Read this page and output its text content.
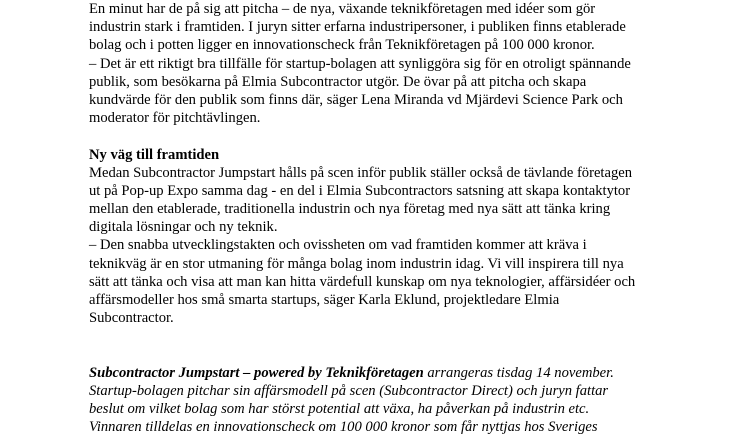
En minut har de på sig att pitcha – de nya, växande teknikföretagen med idéer som gör
industrin stark i framtiden. I juryn sitter erfarna industripersoner, i publiken finns etablerade
bolag och i potten ligger en innovationscheck från Teknikföretagen på 100 000 kronor.
– Det är ett riktigt bra tillfälle för startup-bolagen att synliggöra sig för en otroligt spännande
publik, som besökarna på Elmia Subcontractor utgör. De övar på att pitcha och skapa
kundvärde för den publik som finns där, säger Lena Miranda vd Mjärdevi Science Park och
moderator för pitchtävlingen.
Ny väg till framtiden
Medan Subcontractor Jumpstart hålls på scen inför publik ställer också de tävlande företagen
ut på Pop-up Expo samma dag - en del i Elmia Subcontractors satsning att skapa kontaktytor
mellan den etablerade, traditionella industrin och nya företag med nya sätt att tänka kring
digitala lösningar och ny teknik.
– Den snabba utvecklingstakten och ovissheten om vad framtiden kommer att kräva i
teknikväg är en stor utmaning för många bolag inom industrin idag. Vi vill inspirera till nya
sätt att tänka och visa att man kan hitta värdefull kunskap om nya teknologier, affärsidéer och
affärsmodeller hos små smarta startups, säger Karla Eklund, projektledare Elmia
Subcontractor.
Subcontractor Jumpstart – powered by Teknikföretagen arrangeras tisdag 14 november.
Startup-bolagen pitchar sin affärsmodell på scen (Subcontractor Direct) och juryn fattar
beslut om vilket bolag som har störst potential att växa, ha påverkan på industrin etc.
Vinnaren tilldelas en innovationscheck om 100 000 kronor som får nyttjas hos Sveriges
